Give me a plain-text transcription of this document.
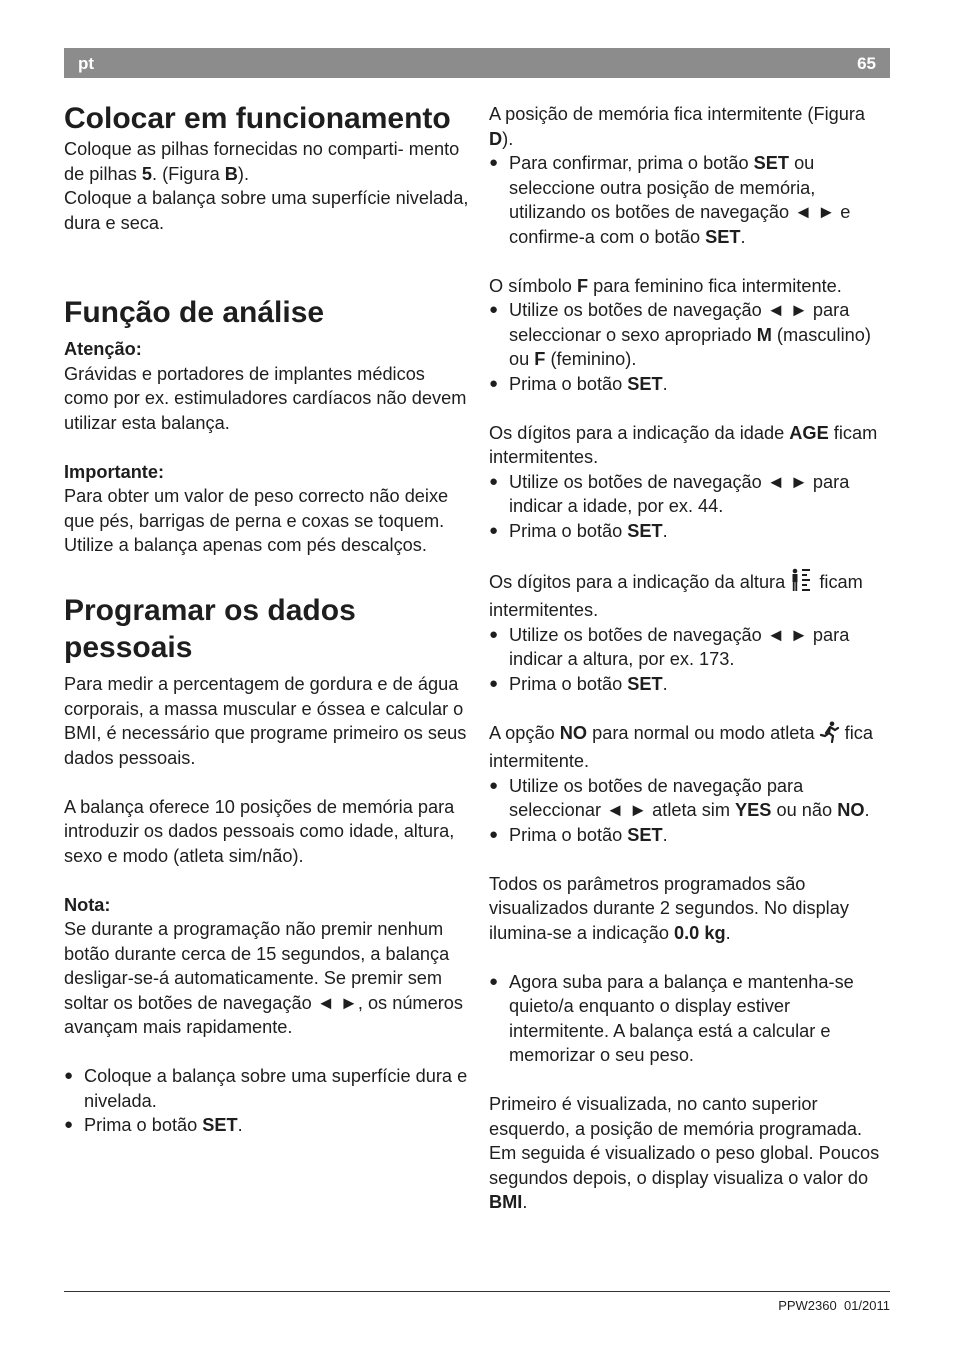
pt	65
Colocar em funcionamento

Coloque as pilhas fornecidas no comparti- mento de pilhas 5. (Figura B).

Coloque a balança sobre uma superfície nivelada, dura e seca.

Função de análise

Atenção:

Grávidas e portadores de implantes médicos como por ex. estimuladores cardíacos não devem utilizar esta balança.

Importante:

Para obter um valor de peso correcto não deixe que pés, barrigas de perna e coxas se toquem.

Utilize a balança apenas com pés descalços.

Programar os dados pessoais

Para medir a percentagem de gordura e de água corporais, a massa muscular e óssea e calcular o BMI, é necessário que programe primeiro os seus dados pessoais.

A balança oferece 10 posições de memória para introduzir os dados pessoais como idade, altura, sexo e modo (atleta sim/não).

Nota:

Se durante a programação não premir nenhum botão durante cerca de 15 segundos, a balança desligar-se-á automaticamente. Se premir sem soltar os botões de navegação ◄ ►, os números avançam mais rapidamente.

● Coloque a balança sobre uma superfície dura e nivelada.
● Prima o botão SET.

A posição de memória fica intermitente (Figura D).

● Para confirmar, prima o botão SET ou seleccione outra posição de memória, utilizando os botões de navegação ◄ ► e confirme-a com o botão SET.

O símbolo F para feminino fica intermitente.

● Utilize os botões de navegação ◄ ► para seleccionar o sexo apropriado M (masculino) ou F (feminino).
● Prima o botão SET.

Os dígitos para a indicação da idade AGE ficam intermitentes.

● Utilize os botões de navegação ◄ ► para indicar a idade, por ex. 44.
● Prima o botão SET.

Os dígitos para a indicação da altura  ficam intermitentes.

● Utilize os botões de navegação ◄ ► para indicar a altura, por ex. 173.
● Prima o botão SET.

A opção NO para normal ou modo atleta  fica intermitente.

● Utilize os botões de navegação para seleccionar ◄ ► atleta sim YES ou não NO.
● Prima o botão SET.

Todos os parâmetros programados são visualizados durante 2 segundos. No display ilumina-se a indicação 0.0 kg.

● Agora suba para a balança e mantenha-se quieto/a enquanto o display estiver intermitente. A balança está a calcular e memorizar o seu peso.

Primeiro é visualizada, no canto superior esquerdo, a posição de memória programada. Em seguida é visualizado o peso global. Poucos segundos depois, o display visualiza o valor do BMI.

PPW2360 01/2011
